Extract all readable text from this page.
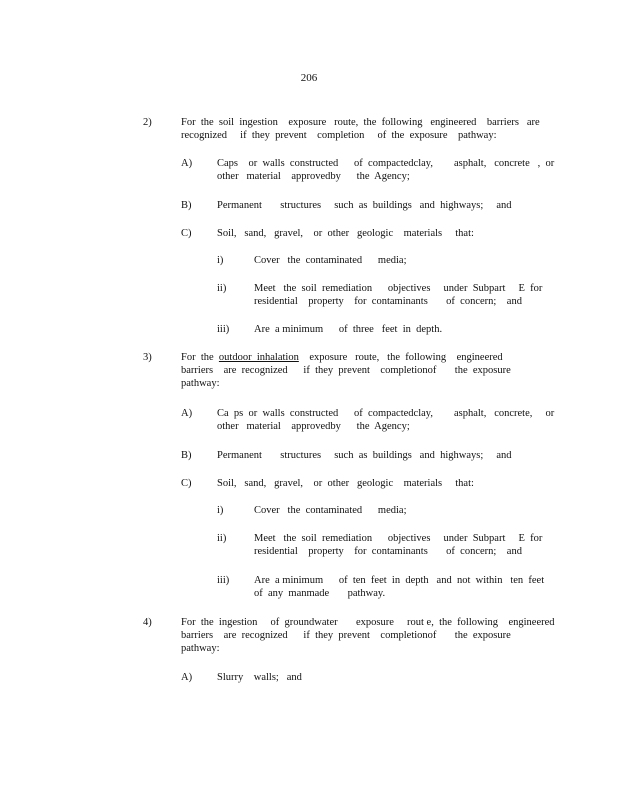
206
2)	For  the  soil  ingestion    exposure   route,  the  following   engineered    barriers   are
recognized     if  they  prevent    completion     of  the  exposure    pathway:
A) Caps    or  walls  constructed      of  compactedclay,        asphalt,   concrete   ,  or
other   material    approvedby      the  Agency;
B) Permanent       structures     such  as  buildings   and  highways;     and
C) Soil,   sand,   gravel,    or  other   geologic    materials     that:
i)	Cover   the  contaminated      media;
ii)	Meet   the  soil  remediation      objectives     under  Subpart     E  for
residential    property    for  contaminants       of  concern;    and
iii) Are  a minimum      of  three   feet  in  depth.
3)	For  the  outdoor  inhalation    exposure   route,   the  following    engineered
barriers    are  recognized      if  they  prevent    completionof       the  exposure
pathway:
A) Ca  ps  or  walls  constructed      of  compactedclay,        asphalt,   concrete,     or
other   material    approvedby      the  Agency;
B) Permanent       structures     such  as  buildings   and  highways;     and
C) Soil,   sand,   gravel,    or  other   geologic    materials     that:
i)	Cover   the  contaminated      media;
ii)	Meet   the  soil  remediation      objectives     under  Subpart     E  for
residential    property    for  contaminants       of  concern;    and
iii) Are  a minimum      of  ten  feet  in  depth   and  not  within   ten  feet
of  any  manmade       pathway.
4)	For  the  ingestion     of  groundwater       exposure     rout e,  the  following    engineered
barriers    are  recognized      if  they  prevent    completionof       the  exposure
pathway:
A) Slurry    walls;   and
